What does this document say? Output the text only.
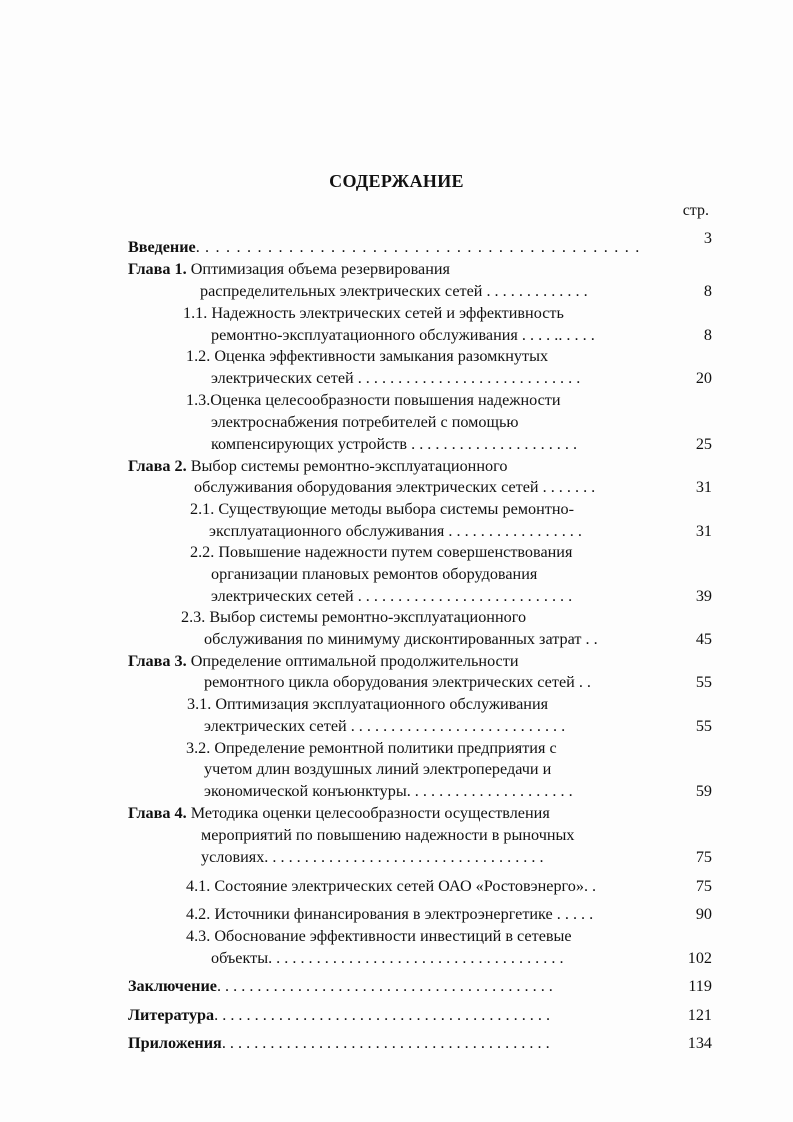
СОДЕРЖАНИЕ
стр.
Введение. . . . . . . . . . . . . . . . . . . . . . . . . . . . . . . . . . . . . . . . . . .	3
Глава 1. Оптимизация объема резервирования
распределительных электрических сетей . . . . . . . . . . . . .	8
1.1. Надежность электрических сетей и эффективность
ремонтно-эксплуатационного обслуживания . . . . .. . . . .	8
1.2. Оценка эффективности замыкания разомкнутых
электрических сетей . . . . . . . . . . . . . . . . . . . . . . . . . . . .	20
1.3.Оценка целесообразности повышения надежности
электроснабжения потребителей с помощью
компенсирующих устройств . . . . . . . . . . . . . . . . . . . . .	25
Глава 2. Выбор системы ремонтно-эксплуатационного
обслуживания оборудования электрических сетей . . . . . . .	31
2.1. Существующие методы выбора системы ремонтно-
эксплуатационного обслуживания . . . . . . . . . . . . . . . . .	31
2.2. Повышение надежности путем совершенствования
организации плановых ремонтов оборудования
электрических сетей . . . . . . . . . . . . . . . . . . . . . . . . . . .	39
2.3. Выбор системы ремонтно-эксплуатационного
обслуживания по минимуму дисконтированных затрат . .	45
Глава 3. Определение оптимальной продолжительности
ремонтного цикла оборудования электрических сетей . .	55
3.1. Оптимизация эксплуатационного обслуживания
электрических сетей . . . . . . . . . . . . . . . . . . . . . . . . . . .	55
3.2. Определение ремонтной политики предприятия с
учетом длин воздушных линий электропередачи и
экономической конъюнктуры. . . . . . . . . . . . . . . . . . . . .	59
Глава 4. Методика оценки целесообразности осуществления
мероприятий по повышению надежности в рыночных
условиях. . . . . . . . . . . . . . . . . . . . . . . . . . . . . . . . . . .	75
4.1. Состояние электрических сетей ОАО «Ростовэнерго». .	75
4.2. Источники финансирования в электроэнергетике . . . . .	90
4.3. Обоснование эффективности инвестиций в сетевые
объекты. . . . . . . . . . . . . . . . . . . . . . . . . . . . . . . . . . . . .	102
Заключение. . . . . . . . . . . . . . . . . . . . . . . . . . . . . . . . . . . . . . . . . .	119
Литература. . . . . . . . . . . . . . . . . . . . . . . . . . . . . . . . . . . . . . . . . .	121
Приложения. . . . . . . . . . . . . . . . . . . . . . . . . . . . . . . . . . . . . . . . .	134
